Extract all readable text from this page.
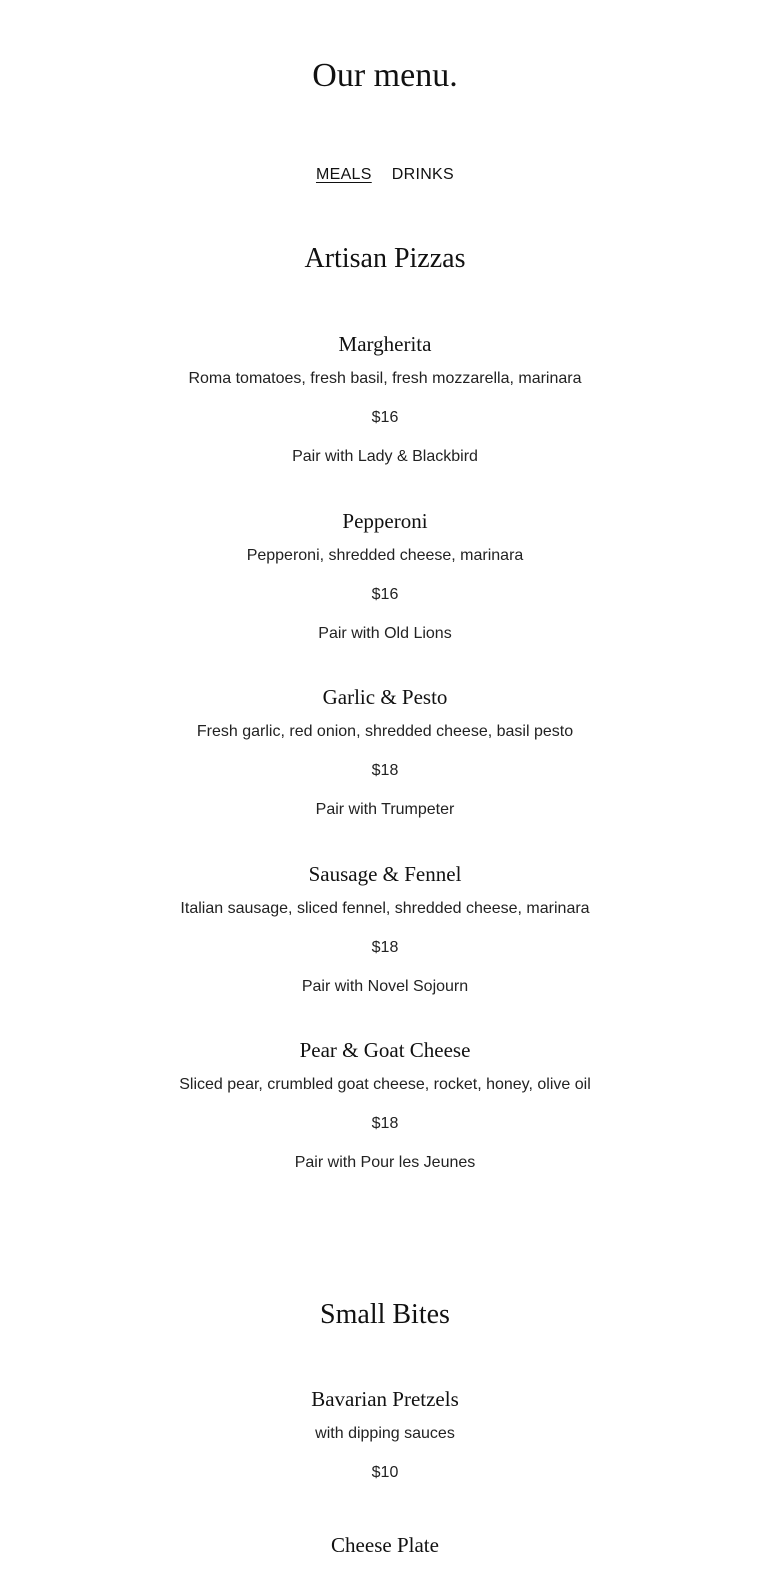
Our menu.
MEALS DRINKS
Artisan Pizzas
Margherita

Roma tomatoes, fresh basil, fresh mozzarella, marinara

$16

Pair with Lady & Blackbird

Pepperoni

Pepperoni, shredded cheese, marinara

$16

Pair with Old Lions

Garlic & Pesto

Fresh garlic, red onion, shredded cheese, basil pesto

$18

Pair with Trumpeter

Sausage & Fennel

Italian sausage, sliced fennel, shredded cheese, marinara

$18

Pair with Novel Sojourn

Pear & Goat Cheese

Sliced pear, crumbled goat cheese, rocket, honey, olive oil

$18

Pair with Pour les Jeunes

Small Bites
Bavarian Pretzels

with dipping sauces

$10

Cheese Plate
